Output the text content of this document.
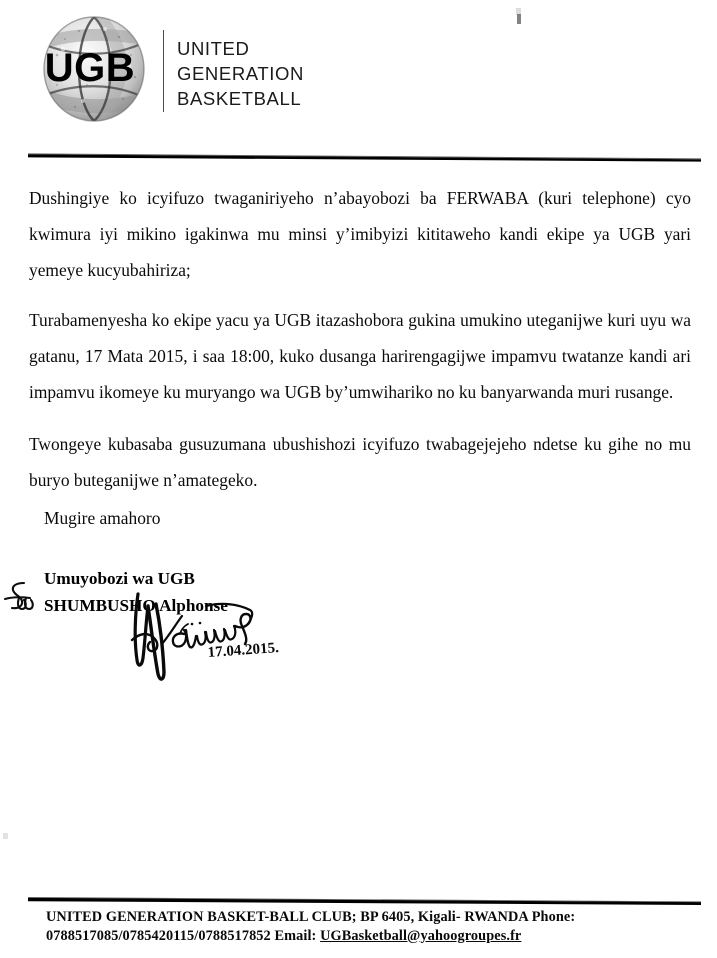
UGB UNITED
GENERATION
BASKETBALL

Dushingiye ko icyifuzo twaganiriyeho n’abayobozi ba FERWABA (kuri telephone) cyo kwimura iyi mikino igakinwa mu minsi y’imibyizi kititaweho kandi ekipe ya UGB yari yemeye kucyubahiriza;

Turabamenyesha ko ekipe yacu ya UGB itazashobora gukina umukino uteganijwe kuri uyu wa gatanu, 17 Mata 2015, i saa 18:00, kuko dusanga harirengagijwe impamvu twatanze kandi ari impamvu ikomeye ku muryango wa UGB by’umwihariko no ku banyarwanda muri rusange.

Twongeye kubasaba gusuzumana ubushishozi icyifuzo twabagejejeho ndetse ku gihe no mu buryo buteganijwe n’amategeko.

Mugire amahoro
Umuyobozi wa UGB
SHUMBUSHO Alphonse
17.04.2015.
UNITED GENERATION BASKET-BALL CLUB; BP 6405, Kigali- RWANDA Phone:
0788517085/0785420115/0788517852 Email: UGBasketball@yahoogroupes.fr
